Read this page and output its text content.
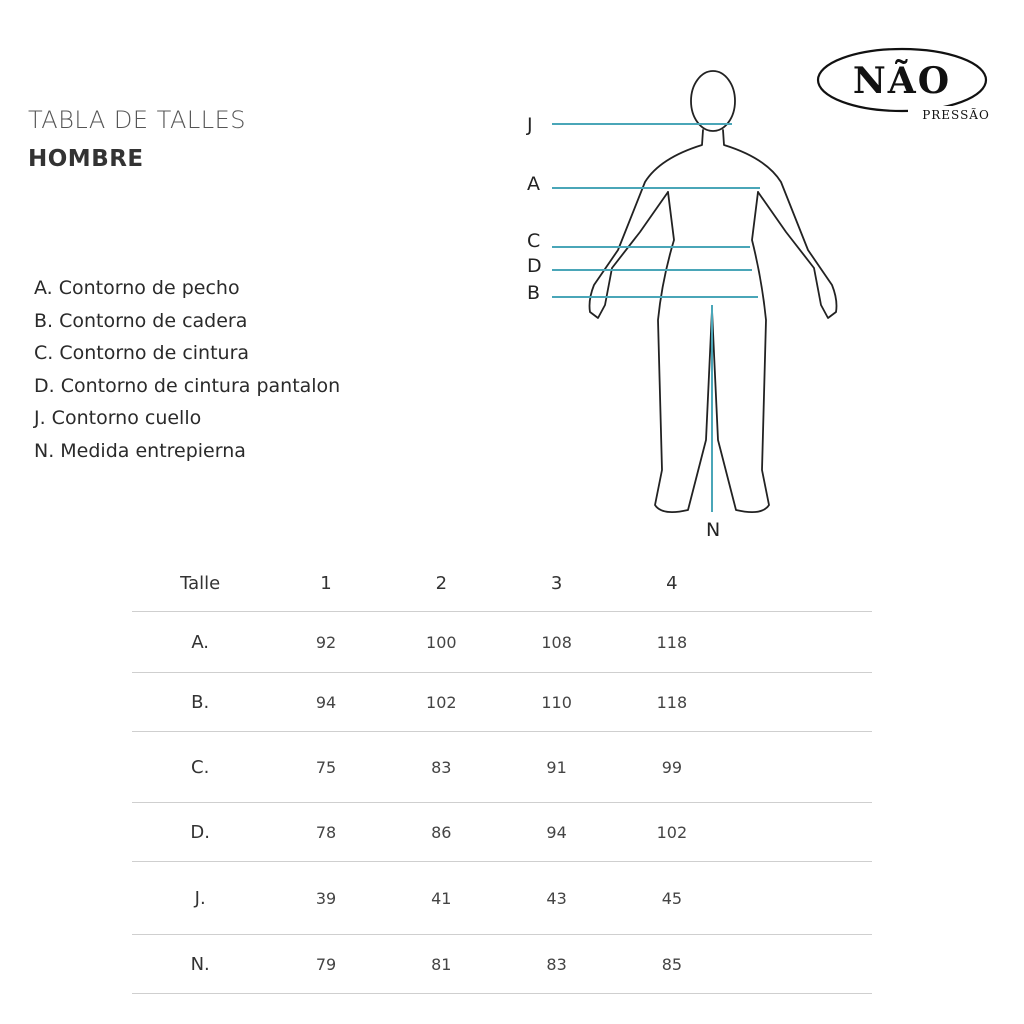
TABLA DE TALLES
HOMBRE
NÃO
PRESSÃO
A. Contorno de pecho
B. Contorno de cadera
C. Contorno de cintura
D. Contorno de cintura pantalon
J. Contorno cuello
N. Medida entrepierna
J
A
C
D
B
N
Talle	1	2	3	4	
A.	92	100	108	118	
B.	94	102	110	118	
C.	75	83	91	99	
D.	78	86	94	102	
J.	39	41	43	45	
N.	79	81	83	85	
